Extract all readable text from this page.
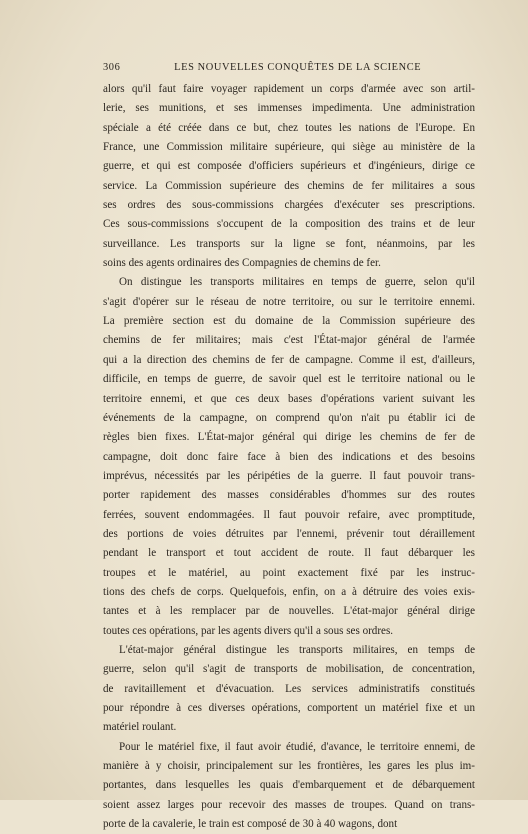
306	LES NOUVELLES CONQUÊTES DE LA SCIENCE
alors qu'il faut faire voyager rapidement un corps d'armée avec son artil-
lerie, ses munitions, et ses immenses impedimenta. Une administration
spéciale a été créée dans ce but, chez toutes les nations de l'Europe. En
France, une Commission militaire supérieure, qui siège au ministère de la
guerre, et qui est composée d'officiers supérieurs et d'ingénieurs, dirige ce
service. La Commission supérieure des chemins de fer militaires a sous
ses ordres des sous-commissions chargées d'exécuter ses prescriptions.
Ces sous-commissions s'occupent de la composition des trains et de leur
surveillance. Les transports sur la ligne se font, néanmoins, par les
soins des agents ordinaires des Compagnies de chemins de fer.
On distingue les transports militaires en temps de guerre, selon qu'il
s'agit d'opérer sur le réseau de notre territoire, ou sur le territoire ennemi.
La première section est du domaine de la Commission supérieure des
chemins de fer militaires; mais c'est l'État-major général de l'armée
qui a la direction des chemins de fer de campagne. Comme il est, d'ailleurs,
difficile, en temps de guerre, de savoir quel est le territoire national ou le
territoire ennemi, et que ces deux bases d'opérations varient suivant les
événements de la campagne, on comprend qu'on n'ait pu établir ici de
règles bien fixes. L'État-major général qui dirige les chemins de fer de
campagne, doit donc faire face à bien des indications et des besoins
imprévus, nécessités par les péripéties de la guerre. Il faut pouvoir trans-
porter rapidement des masses considérables d'hommes sur des routes
ferrées, souvent endommagées. Il faut pouvoir refaire, avec promptitude,
des portions de voies détruites par l'ennemi, prévenir tout déraillement
pendant le transport et tout accident de route. Il faut débarquer les
troupes et le matériel, au point exactement fixé par les instruc-
tions des chefs de corps. Quelquefois, enfin, on a à détruire des voies exis-
tantes et à les remplacer par de nouvelles. L'état-major général dirige
toutes ces opérations, par les agents divers qu'il a sous ses ordres.
L'état-major général distingue les transports militaires, en temps de
guerre, selon qu'il s'agit de transports de mobilisation, de concentration,
de ravitaillement et d'évacuation. Les services administratifs constitués
pour répondre à ces diverses opérations, comportent un matériel fixe et un
matériel roulant.
Pour le matériel fixe, il faut avoir étudié, d'avance, le territoire ennemi, de
manière à y choisir, principalement sur les frontières, les gares les plus im-
portantes, dans lesquelles les quais d'embarquement et de débarquement
soient assez larges pour recevoir des masses de troupes. Quand on trans-
porte de la cavalerie, le train est composé de 30 à 40 wagons, dont
